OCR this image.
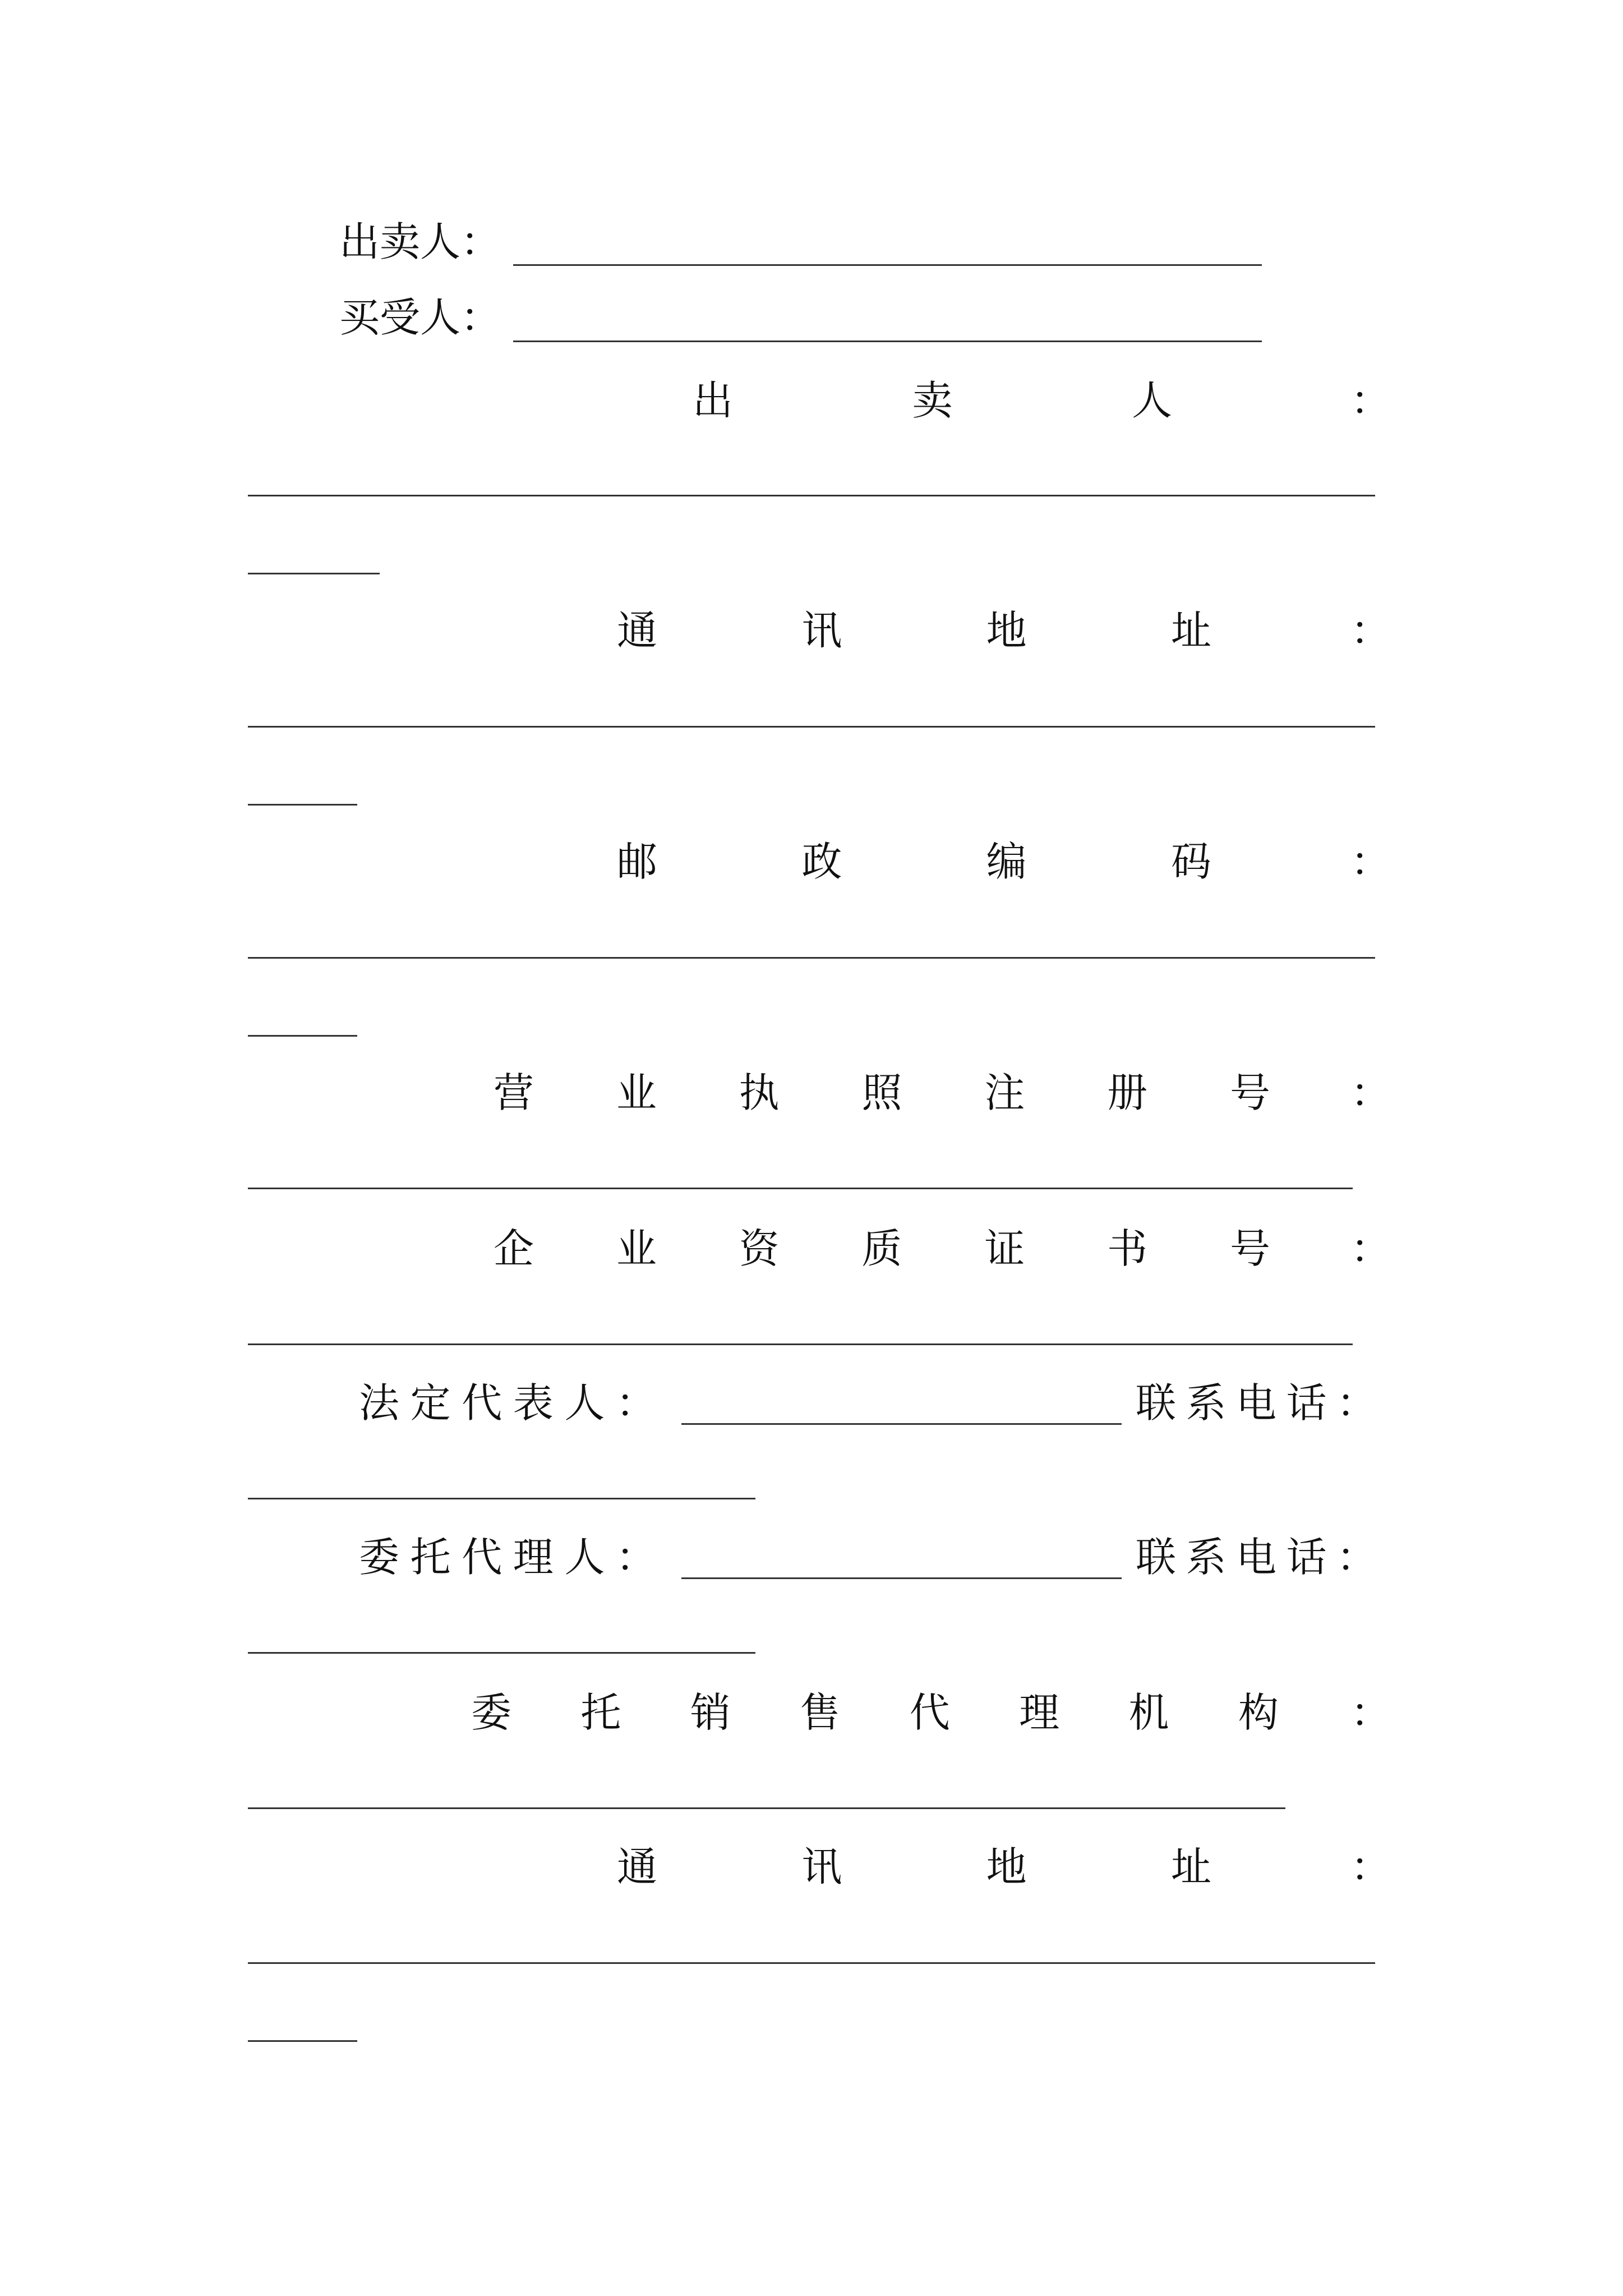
出卖人：
买受人：
出	卖	人	：
通	讯	地	址	：
邮	政	编	码	：
营 业 执 照 注 册 号 ：
企 业 资 质 证 书 号 ：
法 定 代 表 人 ：	联 系 电 话 ：
委 托 代 理 人 ：	联 系 电 话 ：
委 托 销 售 代 理 机 构 ：
通	讯	地	址	：
